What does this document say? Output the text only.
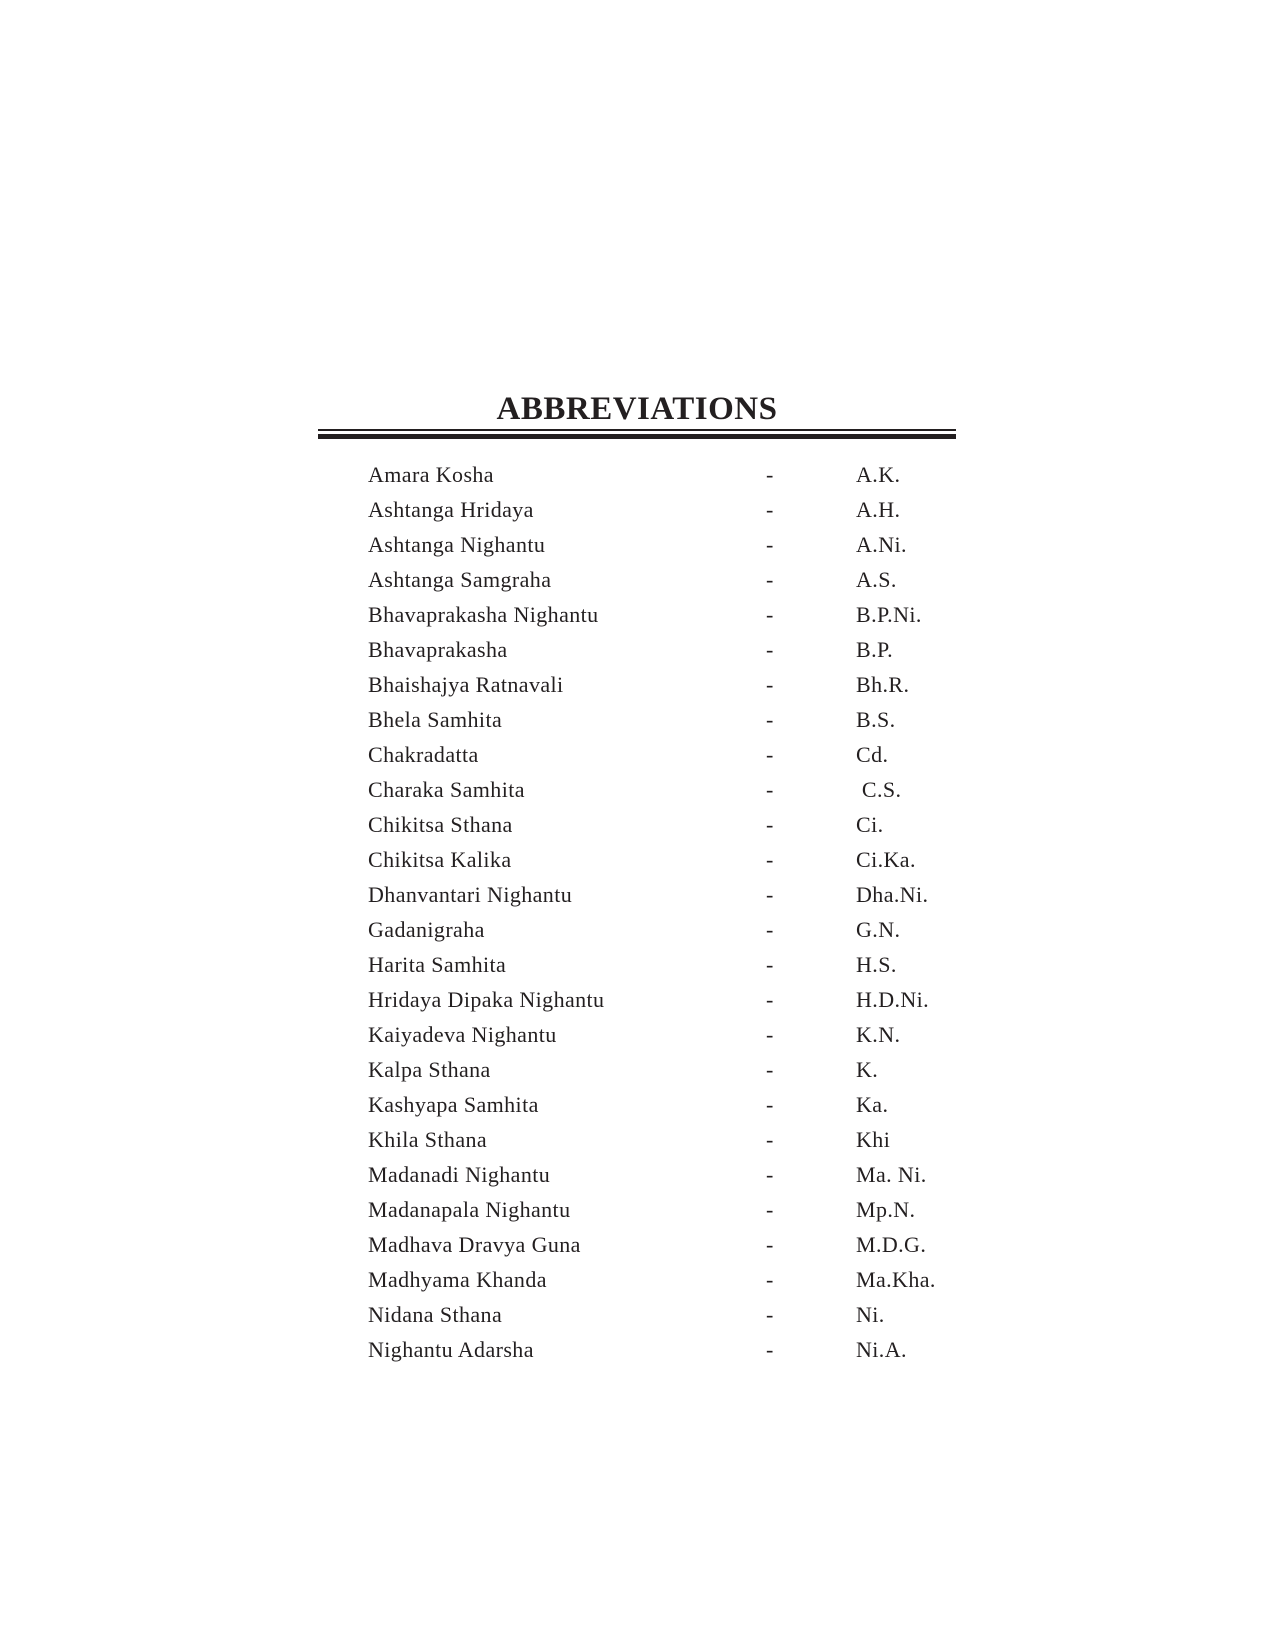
ABBREVIATIONS
Amara Kosha	-	A.K.
Ashtanga Hridaya	-	A.H.
Ashtanga Nighantu	-	A.Ni.
Ashtanga Samgraha	-	A.S.
Bhavaprakasha Nighantu	-	B.P.Ni.
Bhavaprakasha	-	B.P.
Bhaishajya Ratnavali	-	Bh.R.
Bhela Samhita	-	B.S.
Chakradatta	-	Cd.
Charaka Samhita	-	C.S.
Chikitsa Sthana	-	Ci.
Chikitsa Kalika	-	Ci.Ka.
Dhanvantari Nighantu	-	Dha.Ni.
Gadanigraha	-	G.N.
Harita Samhita	-	H.S.
Hridaya Dipaka Nighantu	-	H.D.Ni.
Kaiyadeva Nighantu	-	K.N.
Kalpa Sthana	-	K.
Kashyapa Samhita	-	Ka.
Khila Sthana	-	Khi
Madanadi Nighantu	-	Ma. Ni.
Madanapala Nighantu	-	Mp.N.
Madhava Dravya Guna	-	M.D.G.
Madhyama Khanda	-	Ma.Kha.
Nidana Sthana	-	Ni.
Nighantu Adarsha	-	Ni.A.
